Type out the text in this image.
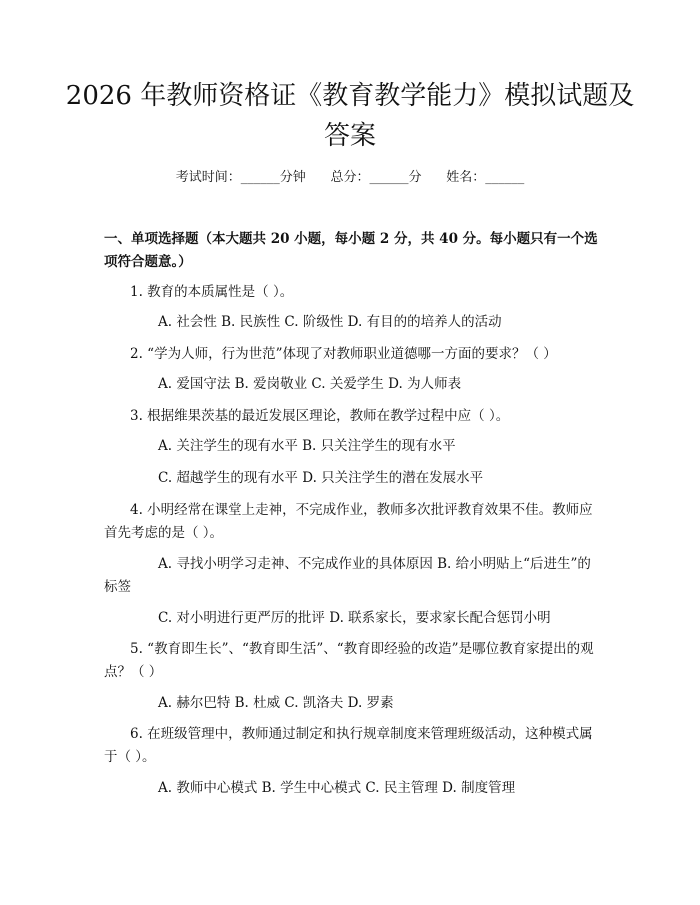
2026 年教师资格证《教育教学能力》模拟试题及答案
考试时间：______分钟      总分：______分      姓名：______
一、单项选择题（本大题共 20 小题，每小题 2 分，共 40 分。每小题只有一个选项符合题意。）

1. 教育的本质属性是（ ）。

A. 社会性 B. 民族性 C. 阶级性 D. 有目的的培养人的活动

2. “学为人师，行为世范”体现了对教师职业道德哪一方面的要求？（ ）

A. 爱国守法 B. 爱岗敬业 C. 关爱学生 D. 为人师表

3. 根据维果茨基的最近发展区理论，教师在教学过程中应（ ）。

A. 关注学生的现有水平 B. 只关注学生的现有水平

C. 超越学生的现有水平 D. 只关注学生的潜在发展水平

4. 小明经常在课堂上走神，不完成作业，教师多次批评教育效果不佳。教师应首先考虑的是（ ）。

A. 寻找小明学习走神、不完成作业的具体原因 B. 给小明贴上“后进生”的标签

C. 对小明进行更严厉的批评 D. 联系家长，要求家长配合惩罚小明

5. “教育即生长”、“教育即生活”、“教育即经验的改造”是哪位教育家提出的观点？（ ）

A. 赫尔巴特 B. 杜威 C. 凯洛夫 D. 罗素

6. 在班级管理中，教师通过制定和执行规章制度来管理班级活动，这种模式属于（ ）。

A. 教师中心模式 B. 学生中心模式 C. 民主管理 D. 制度管理
